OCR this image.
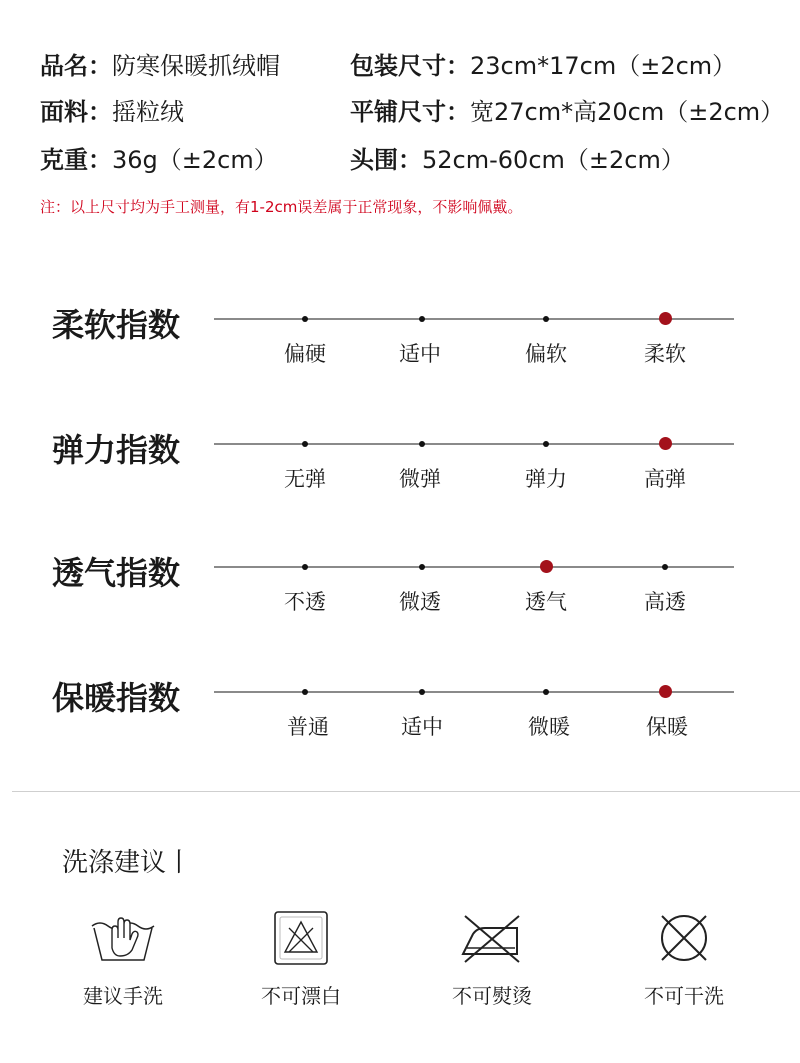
品名：防寒保暖抓绒帽	包装尺寸：23cm*17cm（±2cm）
面料：摇粒绒	平铺尺寸：宽27cm*高20cm（±2cm）
克重：36g（±2cm）	头围：52cm-60cm（±2cm）
注：以上尺寸均为手工测量，有1-2cm误差属于正常现象，不影响佩戴。
柔软指数
偏硬	适中	偏软	柔软
弹力指数
无弹	微弹	弹力	高弹
透气指数
不透	微透	透气	高透
保暖指数
普通	适中	微暖	保暖
洗涤建议丨
建议手洗	不可漂白	不可熨烫	不可干洗
